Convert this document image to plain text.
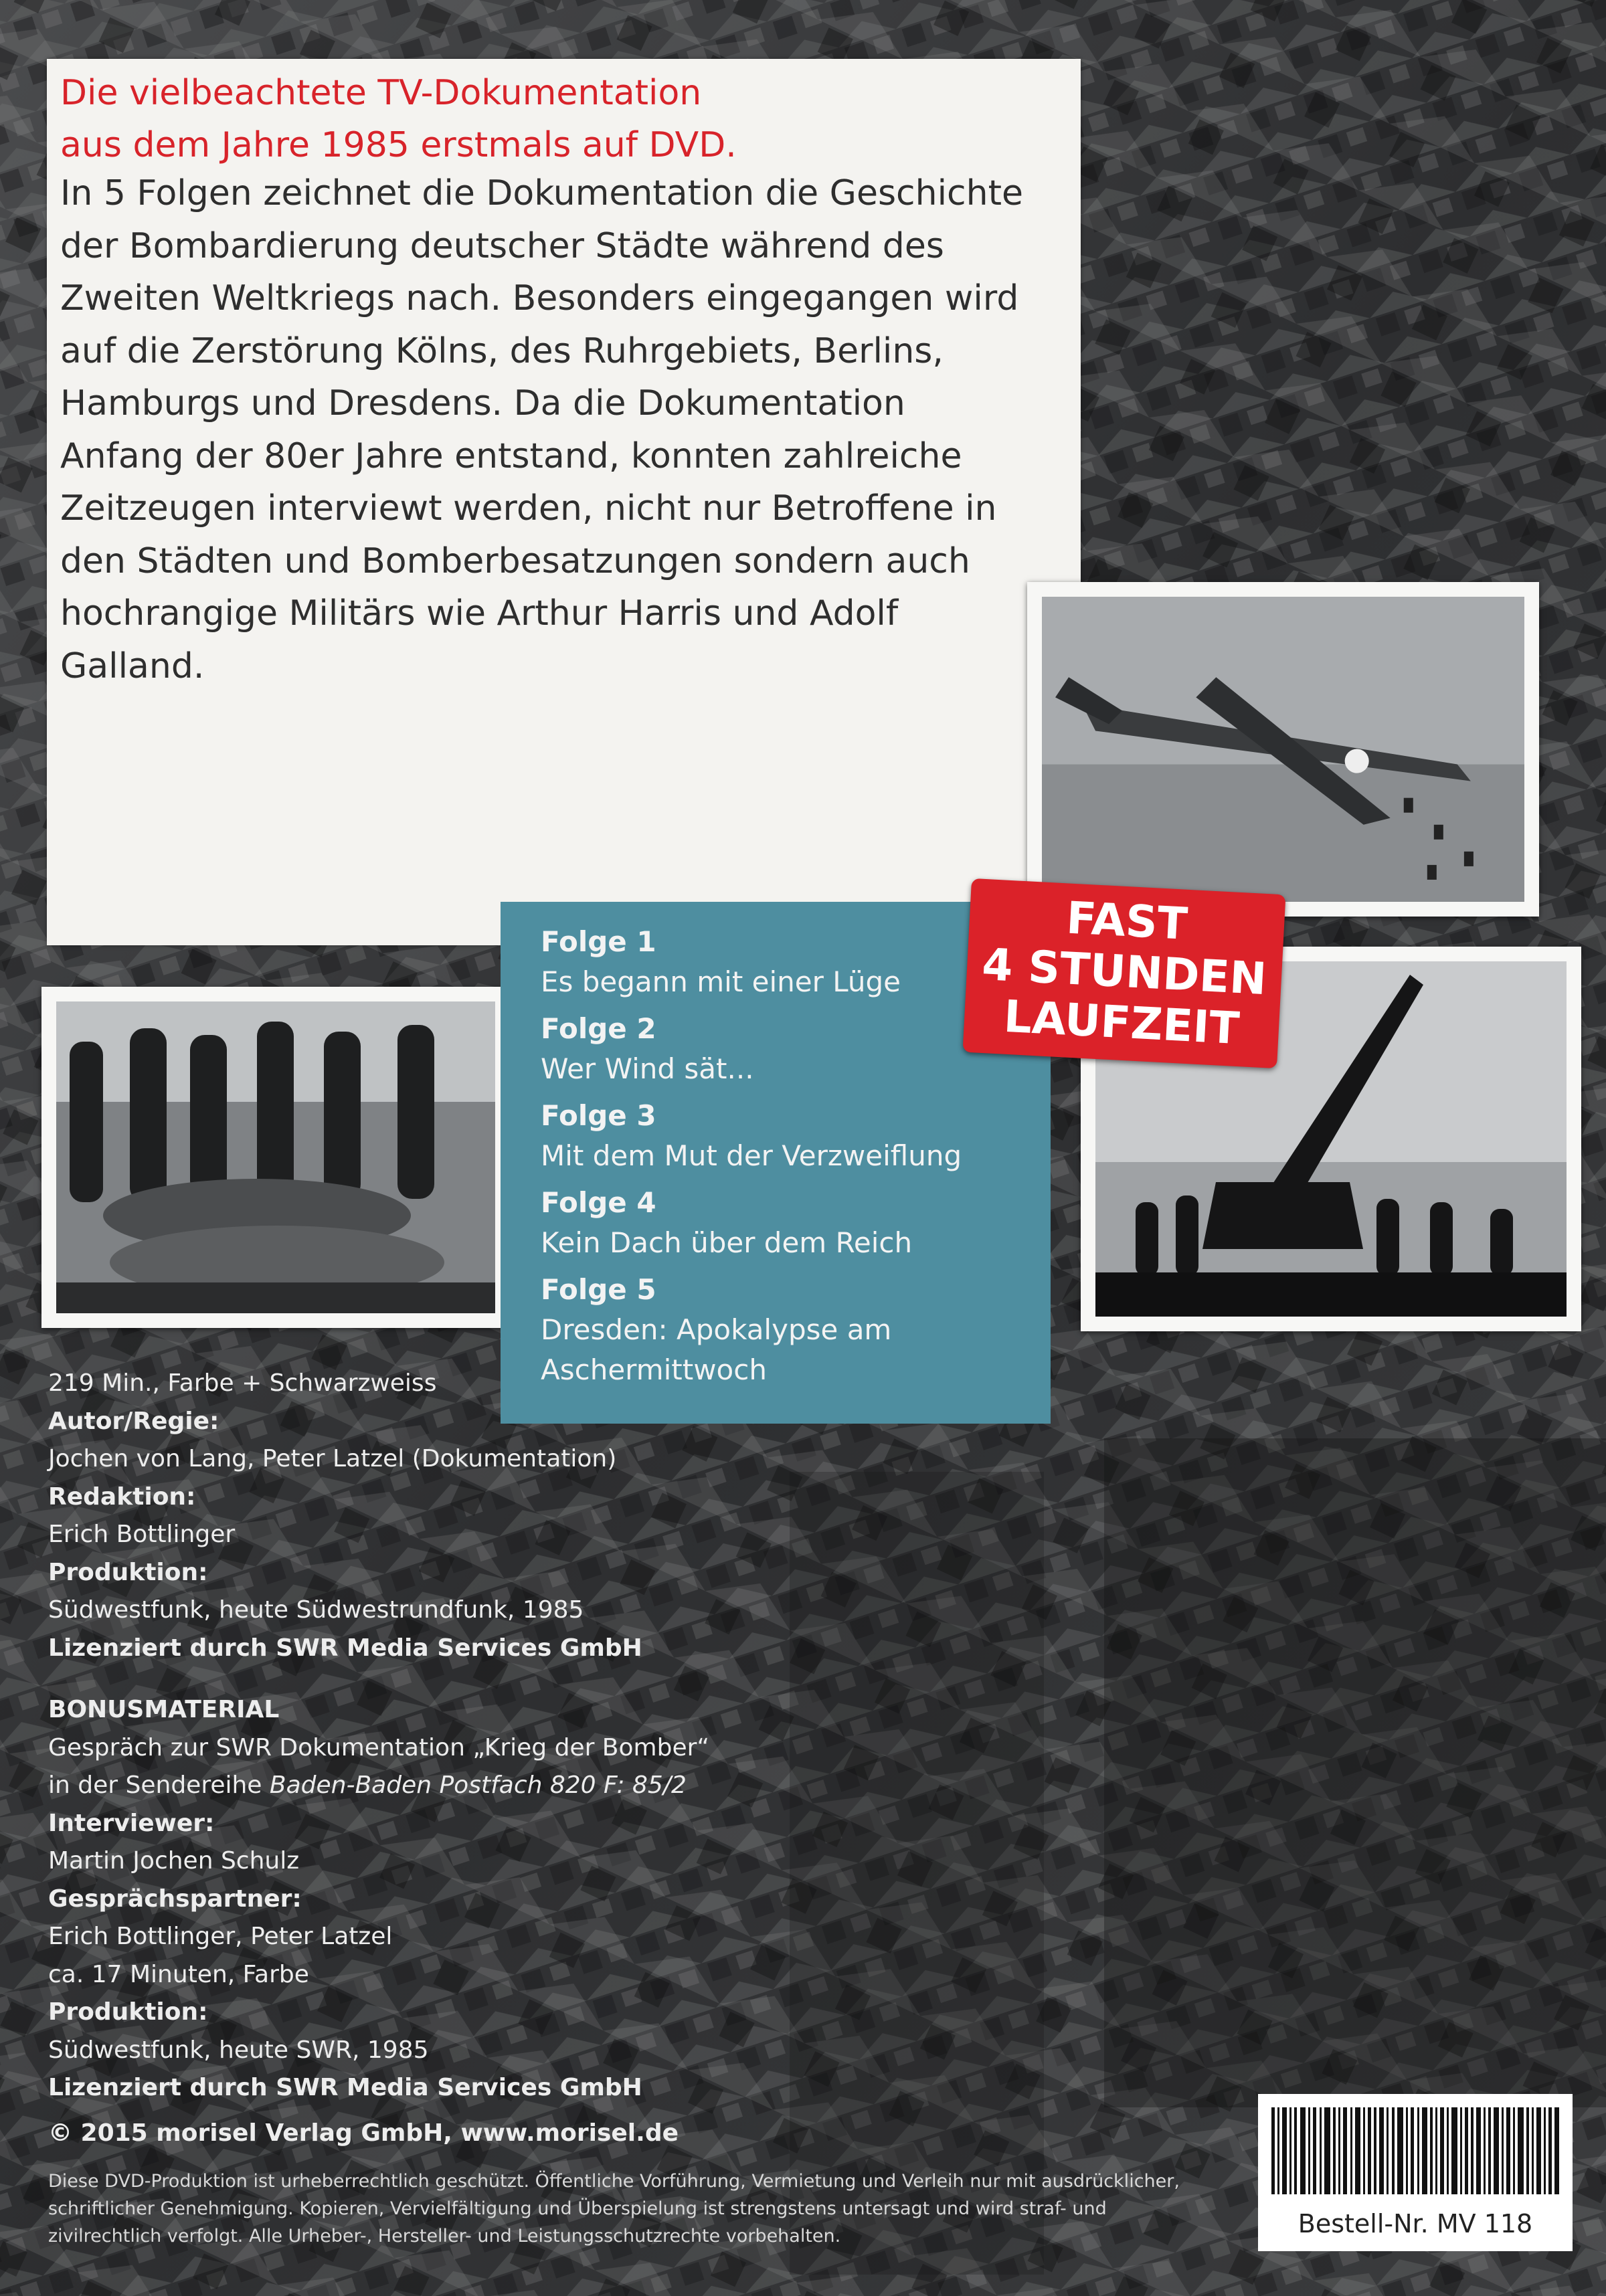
Die vielbeachtete TV-Dokumentation
aus dem Jahre 1985 erstmals auf DVD.

In 5 Folgen zeichnet die Dokumentation die Geschichte der Bombardierung deutscher Städte während des Zweiten Weltkriegs nach. Besonders eingegangen wird auf die Zerstörung Kölns, des Ruhrgebiets, Berlins, Hamburgs und Dresdens. Da die Dokumentation Anfang der 80er Jahre entstand, konnten zahlreiche Zeitzeugen interviewt werden, nicht nur Betroffene in den Städten und Bomberbesatzungen sondern auch hochrangige Militärs wie Arthur Harris und Adolf Galland.

Folge 1
Es begann mit einer Lüge
Folge 2
Wer Wind sät...
Folge 3
Mit dem Mut der Verzweiflung
Folge 4
Kein Dach über dem Reich
Folge 5
Dresden: Apokalypse am Aschermittwoch
FAST
4 STUNDEN
LAUFZEIT
219 Min., Farbe + Schwarzweiss
Autor/Regie:
Jochen von Lang, Peter Latzel (Dokumentation)
Redaktion:
Erich Bottlinger
Produktion:
Südwestfunk, heute Südwestrundfunk, 1985
Lizenziert durch SWR Media Services GmbH
BONUSMATERIAL
Gespräch zur SWR Dokumentation „Krieg der Bomber“
in der Sendereihe Baden-Baden Postfach 820 F: 85/2
Interviewer:
Martin Jochen Schulz
Gesprächspartner:
Erich Bottlinger, Peter Latzel
ca. 17 Minuten, Farbe
Produktion:
Südwestfunk, heute SWR, 1985
Lizenziert durch SWR Media Services GmbH
© 2015 morisel Verlag GmbH, www.morisel.de
Diese DVD-Produktion ist urheberrechtlich geschützt. Öffentliche Vorführung, Vermietung und Verleih nur mit ausdrücklicher, schriftlicher Genehmigung. Kopieren, Vervielfältigung und Überspielung ist strengstens untersagt und wird straf- und zivilrechtlich verfolgt. Alle Urheber-, Hersteller- und Leistungsschutzrechte vorbehalten.	Bestell-Nr. MV 118
